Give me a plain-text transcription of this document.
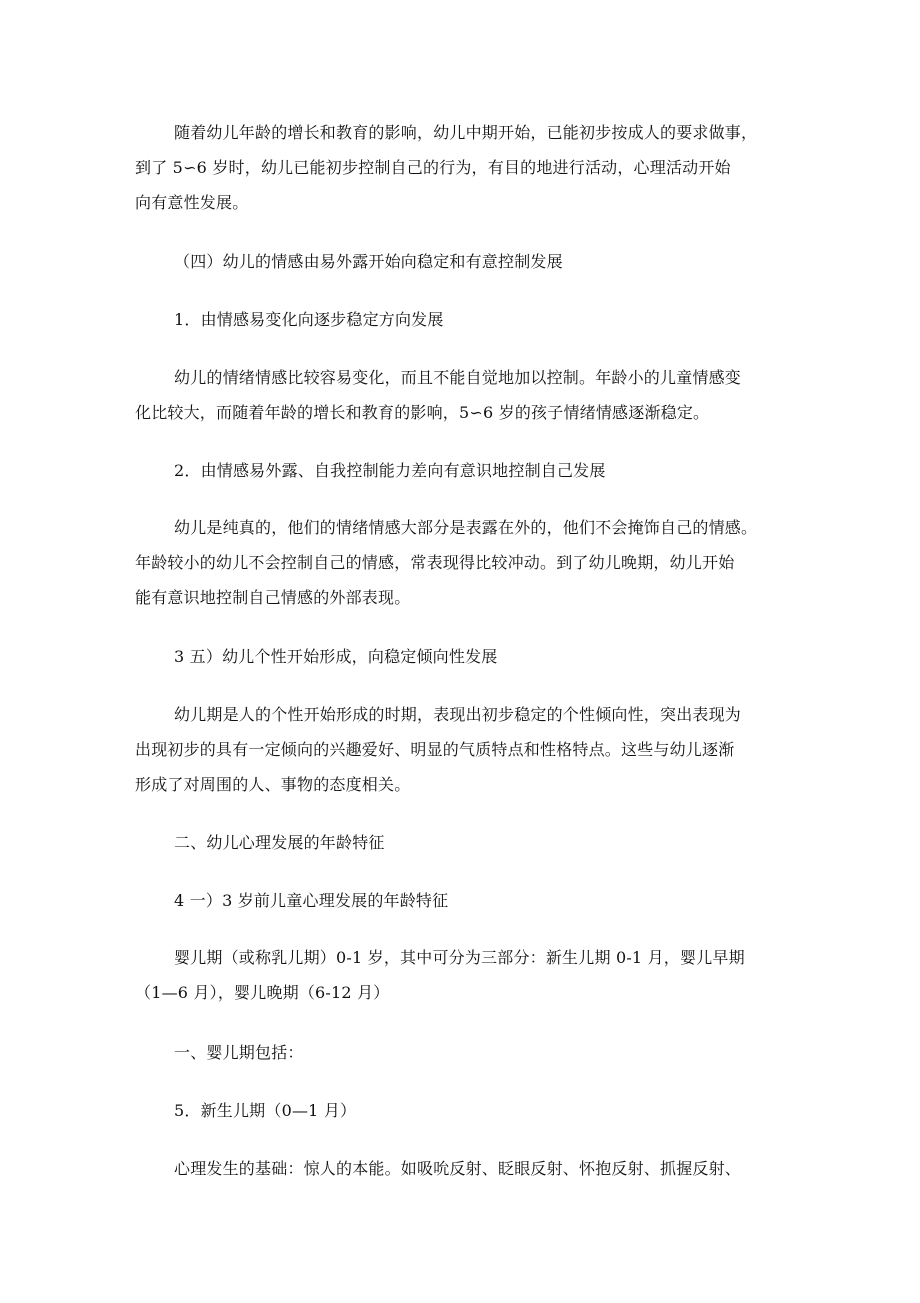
随着幼儿年龄的增长和教育的影响，幼儿中期开始，已能初步按成人的要求做事，
到了 5∽6 岁时，幼儿已能初步控制自己的行为，有目的地进行活动，心理活动开始
向有意性发展。
（四）幼儿的情感由易外露开始向稳定和有意控制发展
1．由情感易变化向逐步稳定方向发展
幼儿的情绪情感比较容易变化，而且不能自觉地加以控制。年龄小的儿童情感变
化比较大，而随着年龄的增长和教育的影响，5∽6 岁的孩子情绪情感逐渐稳定。
2．由情感易外露、自我控制能力差向有意识地控制自己发展
幼儿是纯真的，他们的情绪情感大部分是表露在外的，他们不会掩饰自己的情感。
年龄较小的幼儿不会控制自己的情感，常表现得比较冲动。到了幼儿晚期，幼儿开始
能有意识地控制自己情感的外部表现。
3 五）幼儿个性开始形成，向稳定倾向性发展
幼儿期是人的个性开始形成的时期，表现出初步稳定的个性倾向性，突出表现为
出现初步的具有一定倾向的兴趣爱好、明显的气质特点和性格特点。这些与幼儿逐渐
形成了对周围的人、事物的态度相关。
二、幼儿心理发展的年龄特征
4 一）3 岁前儿童心理发展的年龄特征
婴儿期（或称乳儿期）0-1 岁，其中可分为三部分：新生儿期 0-1 月，婴儿早期
（1—6 月），婴儿晚期（6-12 月）
一、婴儿期包括：
5．新生儿期（0—1 月）
心理发生的基础：惊人的本能。如吸吮反射、眨眼反射、怀抱反射、抓握反射、
